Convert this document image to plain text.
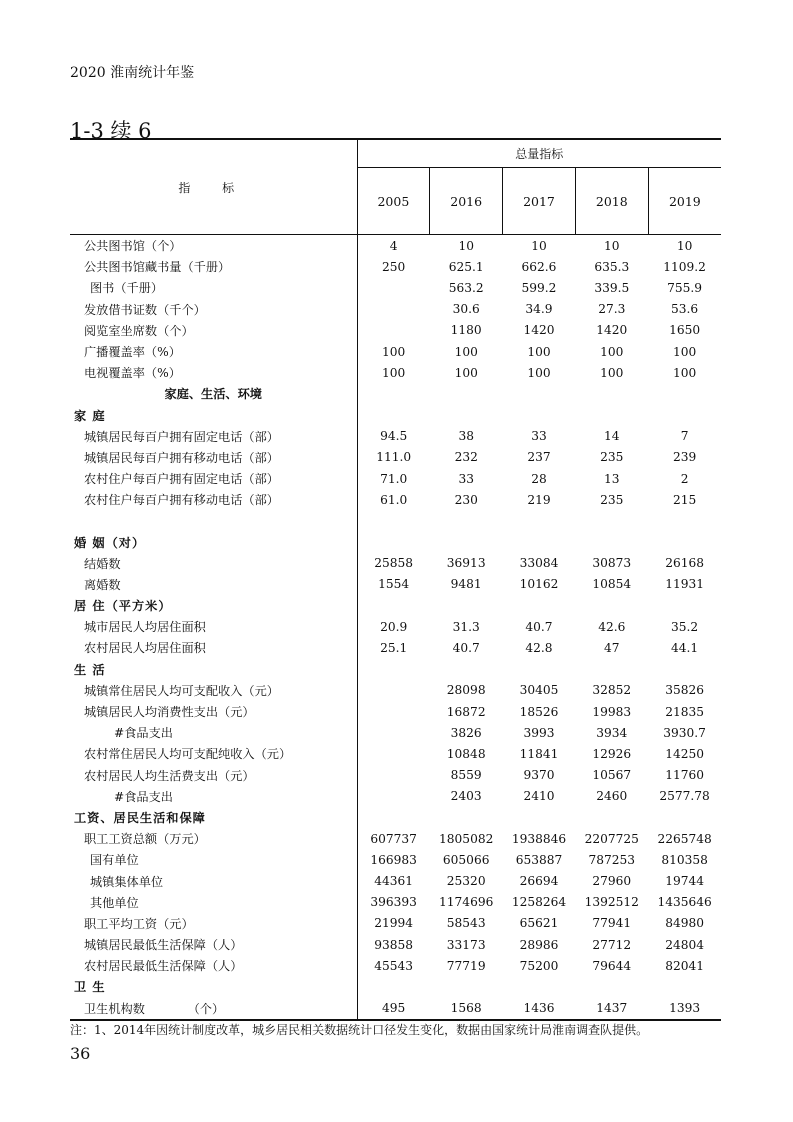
2020 淮南统计年鉴
1-3 续 6
指 标	总量指标				
	2005	2016	2017	2018	2019
公共图书馆（个）	4	10	10	10	10
公共图书馆藏书量（千册）	250	625.1	662.6	635.3	1109.2
图书（千册）		563.2	599.2	339.5	755.9
发放借书证数（千个）		30.6	34.9	27.3	53.6
阅览室坐席数（个）		1180	1420	1420	1650
广播覆盖率（%）	100	100	100	100	100
电视覆盖率（%）	100	100	100	100	100
家庭、生活、环境					
家 庭					
城镇居民每百户拥有固定电话（部）	94.5	38	33	14	7
城镇居民每百户拥有移动电话（部）	111.0	232	237	235	239
农村住户每百户拥有固定电话（部）	71.0	33	28	13	2
农村住户每百户拥有移动电话（部）	61.0	230	219	235	215

婚 姻（对）					
结婚数	25858	36913	33084	30873	26168
离婚数	1554	9481	10162	10854	11931
居 住（平方米）					
城市居民人均居住面积	20.9	31.3	40.7	42.6	35.2
农村居民人均居住面积	25.1	40.7	42.8	47	44.1
生 活					
城镇常住居民人均可支配收入（元）		28098	30405	32852	35826
城镇居民人均消费性支出（元）		16872	18526	19983	21835
#食品支出		3826	3993	3934	3930.7
农村常住居民人均可支配纯收入（元）		10848	11841	12926	14250
农村居民人均生活费支出（元）		8559	9370	10567	11760
#食品支出		2403	2410	2460	2577.78
工资、居民生活和保障					
职工工资总额（万元）	607737	1805082	1938846	2207725	2265748
国有单位	166983	605066	653887	787253	810358
城镇集体单位	44361	25320	26694	27960	19744
其他单位	396393	1174696	1258264	1392512	1435646
职工平均工资（元）	21994	58543	65621	77941	84980
城镇居民最低生活保障（人）	93858	33173	28986	27712	24804
农村居民最低生活保障（人）	45543	77719	75200	79644	82041
卫 生					
卫生机构数　　　　（个）	495	1568	1436	1437	1393
注：1、2014年因统计制度改革，城乡居民相关数据统计口径发生变化，数据由国家统计局淮南调查队提供。
36
